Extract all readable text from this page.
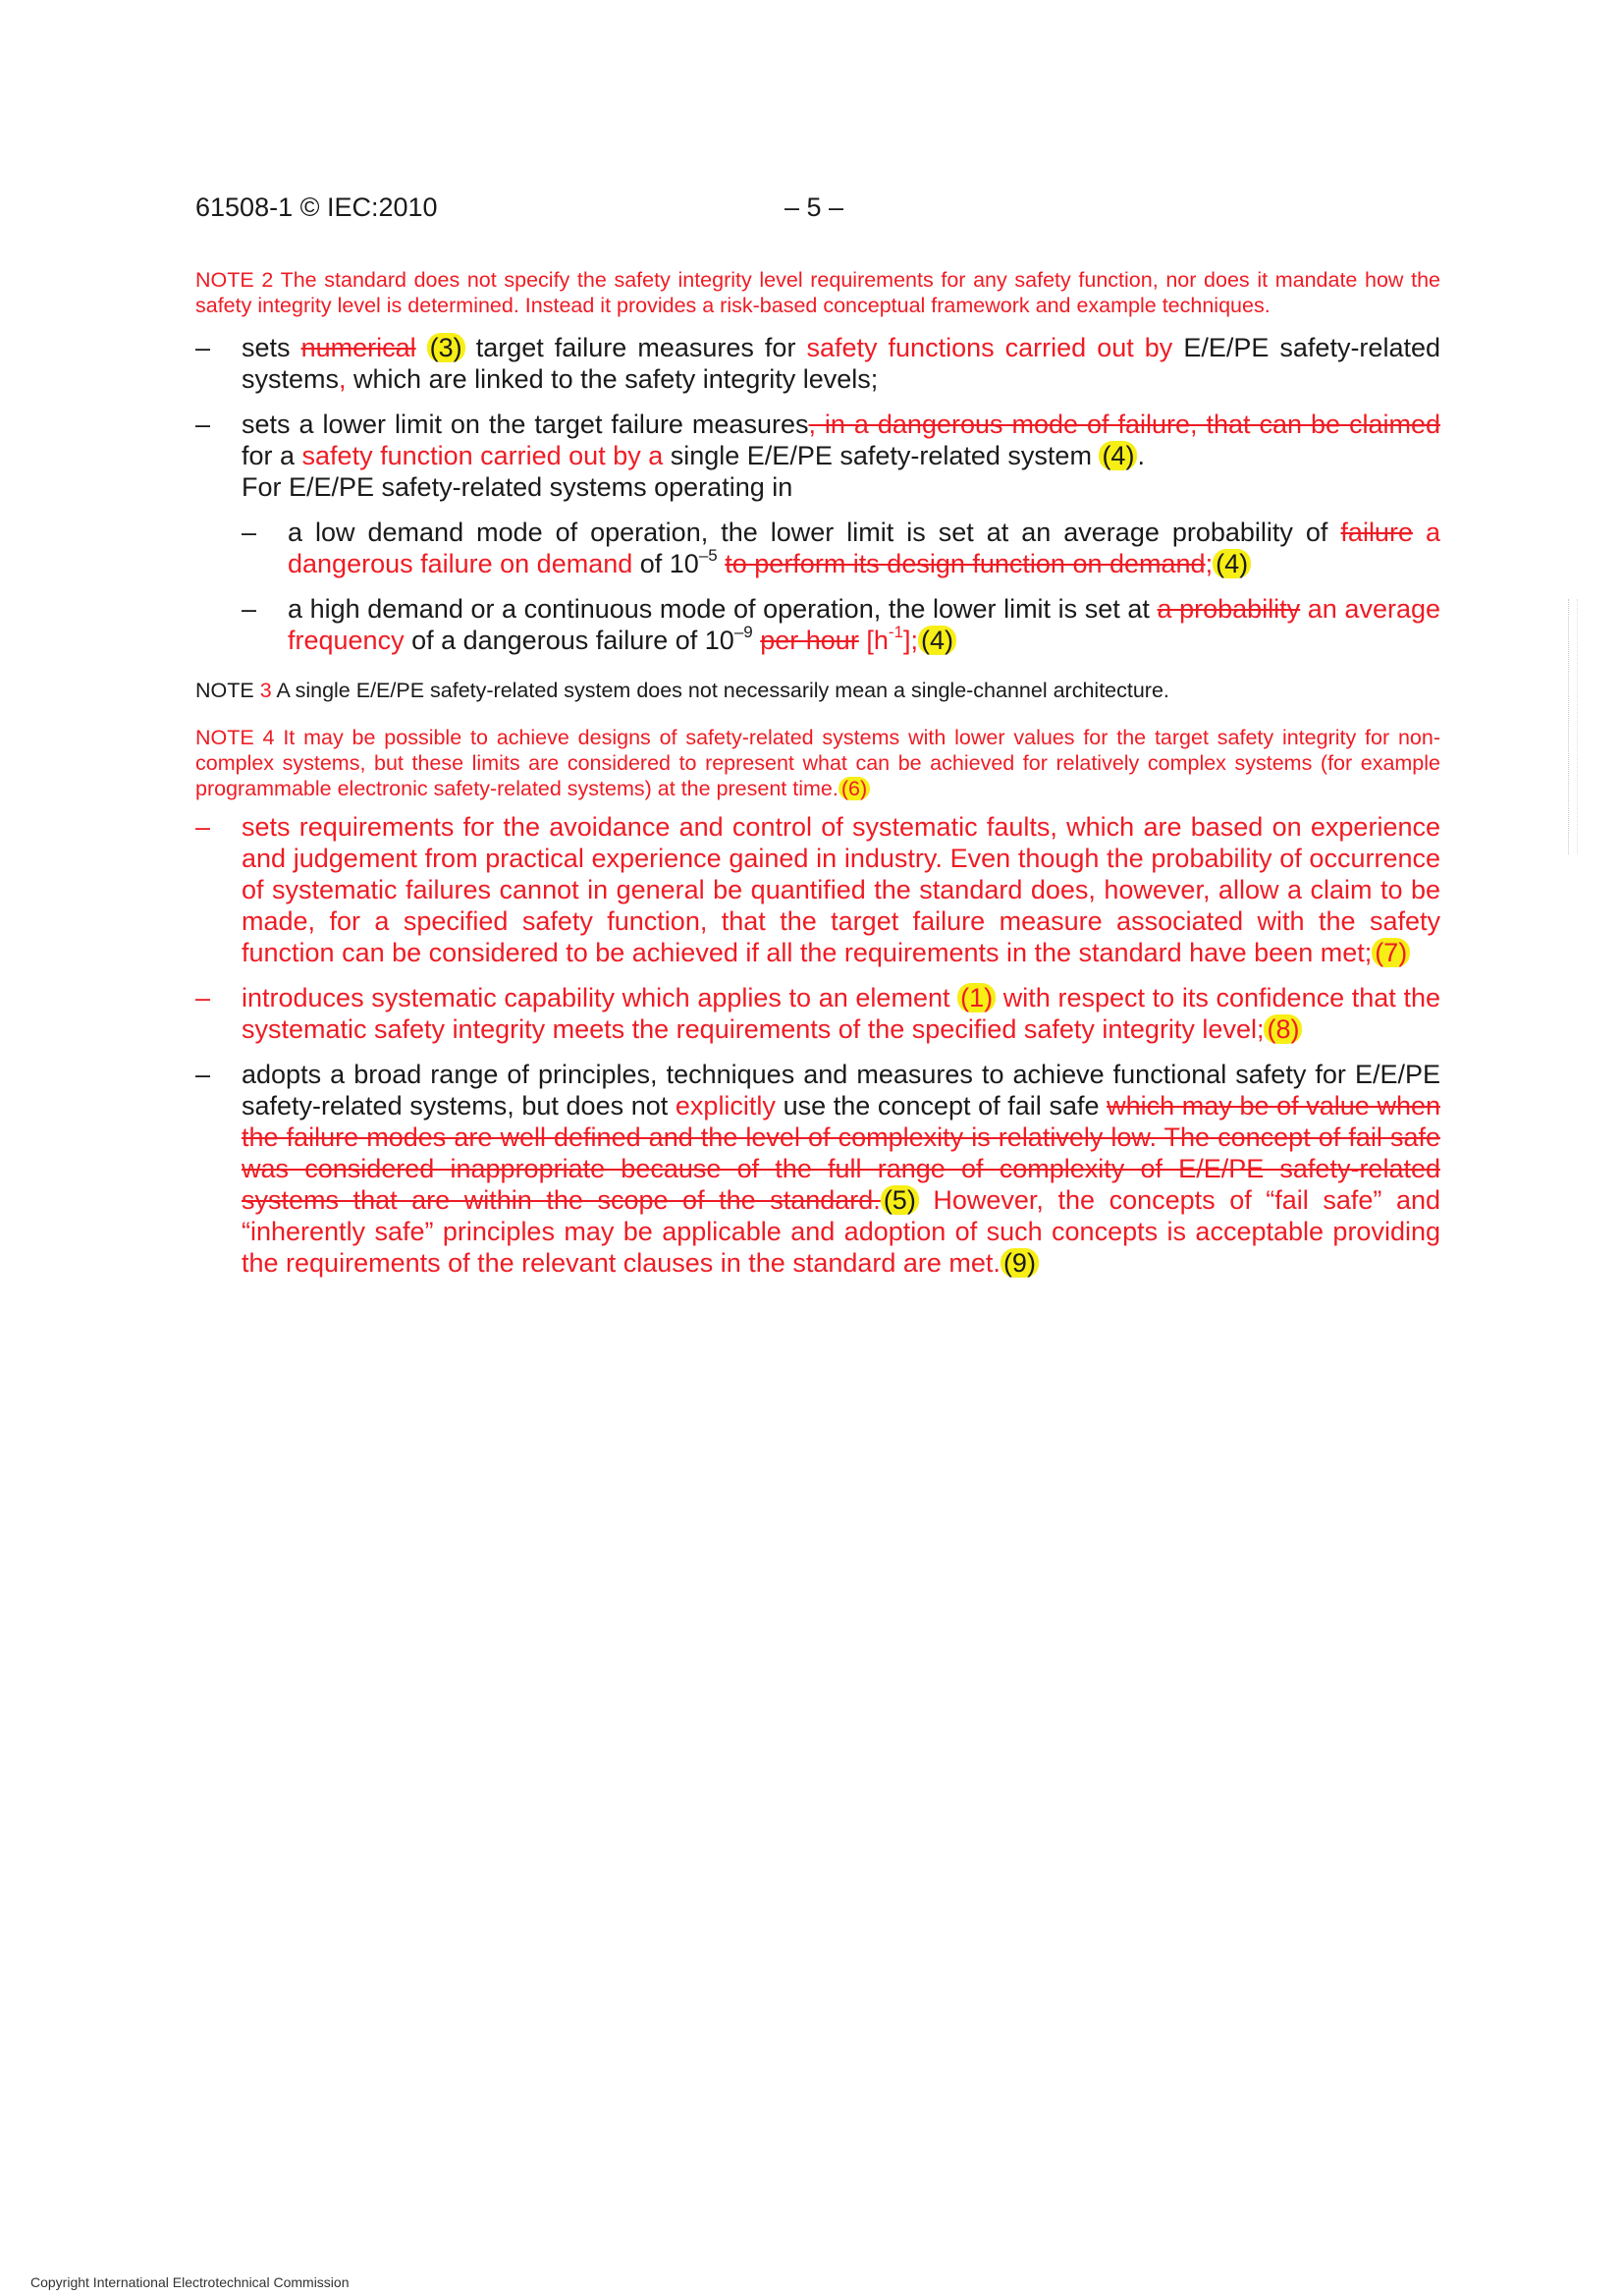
61508-1 © IEC:2010	– 5 –

NOTE 2 The standard does not specify the safety integrity level requirements for any safety function, nor does it mandate how the safety integrity level is determined. Instead it provides a risk-based conceptual framework and example techniques.

– sets numerical (3) target failure measures for safety functions carried out by E/E/PE safety-related systems, which are linked to the safety integrity levels;

– sets a lower limit on the target failure measures, in a dangerous mode of failure, that can be claimed for a safety function carried out by a single E/E/PE safety-related system (4) .
For E/E/PE safety-related systems operating in

– a low demand mode of operation, the lower limit is set at an average probability of failure a dangerous failure on demand of $10^{-5}$ to perform its design function on demand; (4)

– a high demand or a continuous mode of operation, the lower limit is set at a probability an average frequency of a dangerous failure of $10^{-9}$ per hour $[h^{-1}]$; (4)

NOTE 3 A single E/E/PE safety-related system does not necessarily mean a single-channel architecture.

NOTE 4 It may be possible to achieve designs of safety-related systems with lower values for the target safety integrity for non-complex systems, but these limits are considered to represent what can be achieved for relatively complex systems (for example programmable electronic safety-related systems) at the present time. (6)

– sets requirements for the avoidance and control of systematic faults, which are based on experience and judgement from practical experience gained in industry. Even though the probability of occurrence of systematic failures cannot in general be quantified the standard does, however, allow a claim to be made, for a specified safety function, that the target failure measure associated with the safety function can be considered to be achieved if all the requirements in the standard have been met; (7)

– introduces systematic capability which applies to an element (1) with respect to its confidence that the systematic safety integrity meets the requirements of the specified safety integrity level; (8)

– adopts a broad range of principles, techniques and measures to achieve functional safety for E/E/PE safety-related systems, but does not explicitly use the concept of fail safe which may be of value when the failure modes are well defined and the level of complexity is relatively low. The concept of fail safe was considered inappropriate because of the full range of complexity of E/E/PE safety-related systems that are within the scope of the standard. (5) However, the concepts of “fail safe” and “inherently safe” principles may be applicable and adoption of such concepts is acceptable providing the requirements of the relevant clauses in the standard are met. (9)

Copyright International Electrotechnical Commission
